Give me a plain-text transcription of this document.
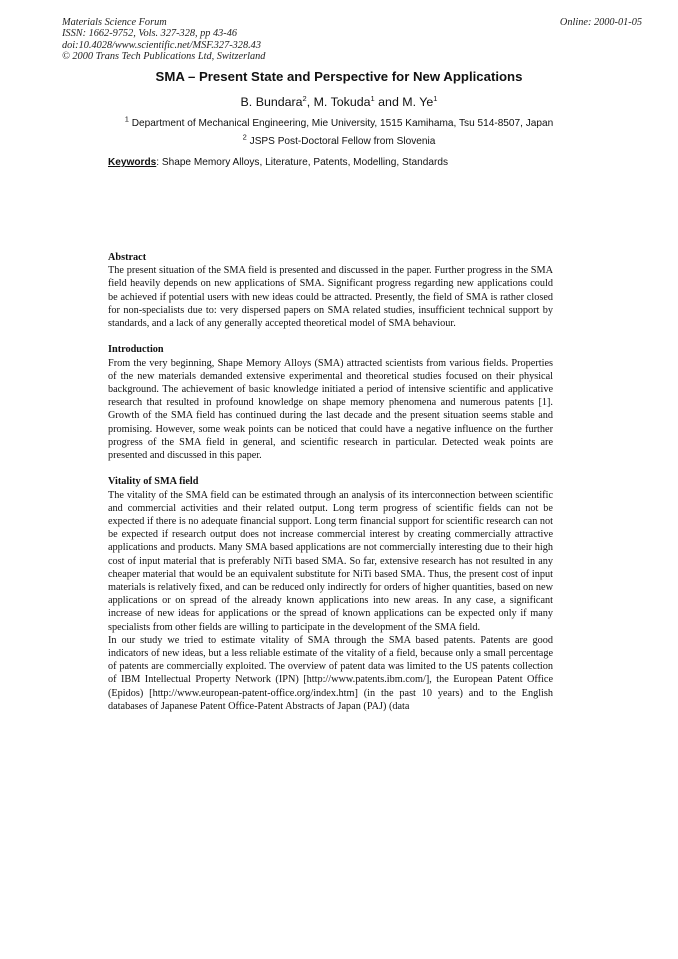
Materials Science Forum
ISSN: 1662-9752, Vols. 327-328, pp 43-46
doi:10.4028/www.scientific.net/MSF.327-328.43
© 2000 Trans Tech Publications Ltd, Switzerland
Online: 2000-01-05
SMA – Present State and Perspective for New Applications
B. Bundara$^2$, M. Tokuda$^1$ and M. Ye$^1$
$^1$ Department of Mechanical Engineering, Mie University, 1515 Kamihama, Tsu 514-8507, Japan
$^2$ JSPS Post-Doctoral Fellow from Slovenia
Keywords: Shape Memory Alloys, Literature, Patents, Modelling, Standards
Abstract

The present situation of the SMA field is presented and discussed in the paper. Further progress in the SMA field heavily depends on new applications of SMA. Significant progress regarding new applications could be achieved if potential users with new ideas could be attracted. Presently, the field of SMA is rather closed for non-specialists due to: very dispersed papers on SMA related studies, insufficient technical support by standards, and a lack of any generally accepted theoretical model of SMA behaviour.

Introduction

From the very beginning, Shape Memory Alloys (SMA) attracted scientists from various fields. Properties of the new materials demanded extensive experimental and theoretical studies focused on their physical background. The achievement of basic knowledge initiated a period of intensive scientific and applicative research that resulted in profound knowledge on shape memory phenomena and numerous patents [1]. Growth of the SMA field has continued during the last decade and the present situation seems stable and promising. However, some weak points can be noticed that could have a negative influence on the further progress of the SMA field in general, and scientific research in particular. Detected weak points are presented and discussed in this paper.

Vitality of SMA field

The vitality of the SMA field can be estimated through an analysis of its interconnection between scientific and commercial activities and their related output. Long term progress of scientific fields can not be expected if there is no adequate financial support. Long term financial support for scientific research can not be expected if research output does not increase commercial interest by creating commercially attractive applications and products. Many SMA based applications are not commercially interesting due to their high cost of input material that is preferably NiTi based SMA. So far, extensive research has not resulted in any cheaper material that would be an equivalent substitute for NiTi based SMA. Thus, the present cost of input materials is relatively fixed, and can be reduced only indirectly for orders of higher quantities, based on new applications or on spread of the already known applications into new areas. In any case, a significant increase of new ideas for applications or the spread of known applications can be expected only if many specialists from other fields are willing to participate in the development of the SMA field.

In our study we tried to estimate vitality of SMA through the SMA based patents. Patents are good indicators of new ideas, but a less reliable estimate of the vitality of a field, because only a small percentage of patents are commercially exploited. The overview of patent data was limited to the US patents collection of IBM Intellectual Property Network (IPN) [http://www.patents.ibm.com/], the European Patent Office (Epidos) [http://www.european-patent-office.org/index.htm] (in the past 10 years) and to the English databases of Japanese Patent Office-Patent Abstracts of Japan (PAJ) (data
